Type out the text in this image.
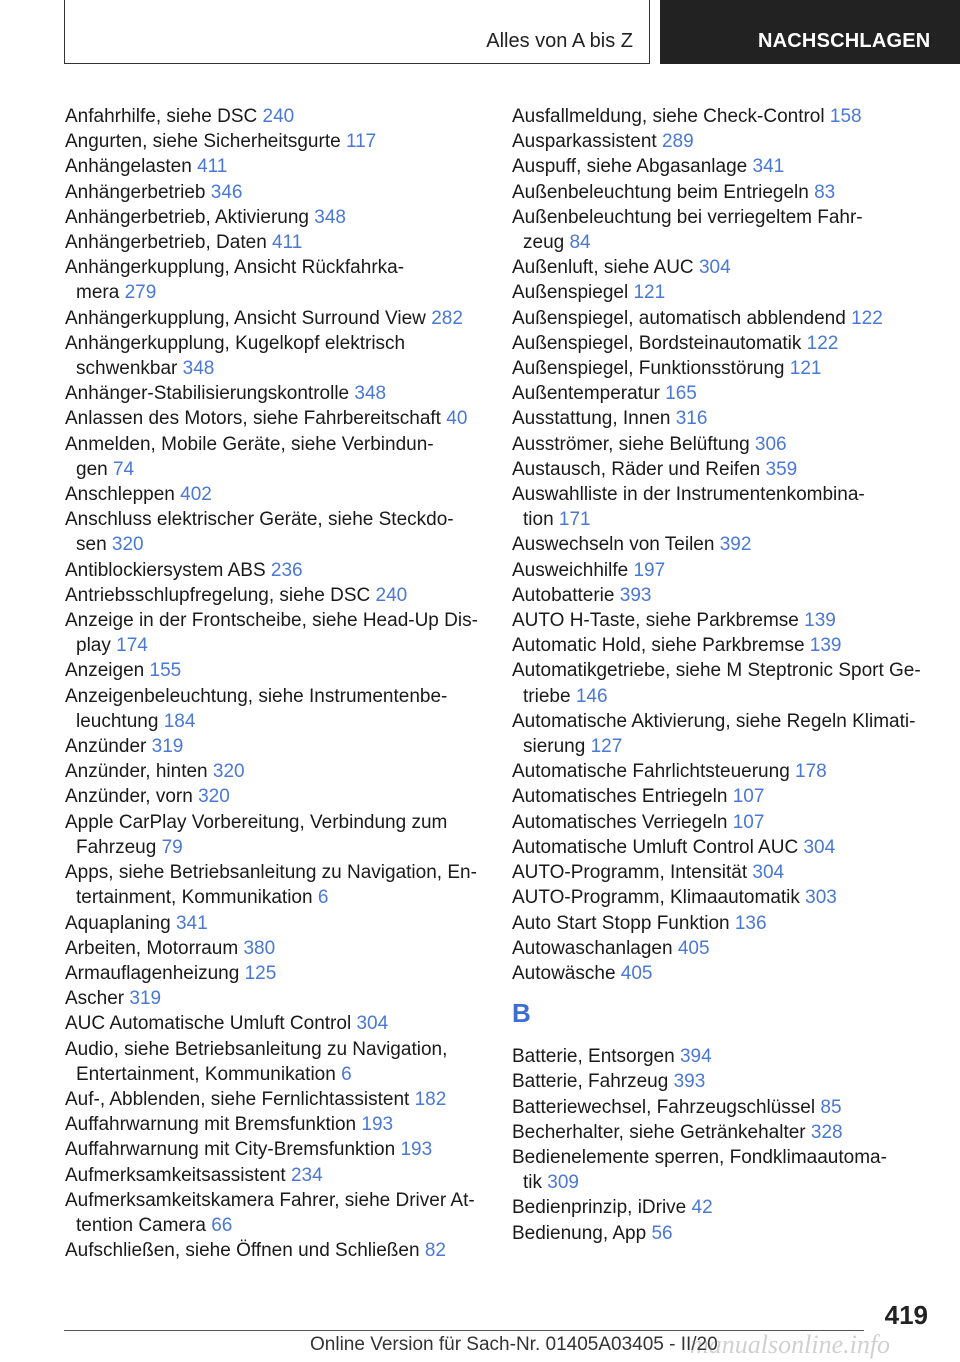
Alles von A bis Z	NACHSCHLAGEN
Anfahrhilfe, siehe DSC 240
Angurten, siehe Sicherheitsgurte 117
Anhängelasten 411
Anhängerbetrieb 346
Anhängerbetrieb, Aktivierung 348
Anhängerbetrieb, Daten 411
Anhängerkupplung, Ansicht Rückfahrka-
mera 279
Anhängerkupplung, Ansicht Surround View 282
Anhängerkupplung, Kugelkopf elektrisch
schwenkbar 348
Anhänger-Stabilisierungskontrolle 348
Anlassen des Motors, siehe Fahrbereitschaft 40
Anmelden, Mobile Geräte, siehe Verbindun-
gen 74
Anschleppen 402
Anschluss elektrischer Geräte, siehe Steckdo-
sen 320
Antiblockiersystem ABS 236
Antriebsschlupfregelung, siehe DSC 240
Anzeige in der Frontscheibe, siehe Head-Up Dis-
play 174
Anzeigen 155
Anzeigenbeleuchtung, siehe Instrumentenbe-
leuchtung 184
Anzünder 319
Anzünder, hinten 320
Anzünder, vorn 320
Apple CarPlay Vorbereitung, Verbindung zum
Fahrzeug 79
Apps, siehe Betriebsanleitung zu Navigation, En-
tertainment, Kommunikation 6
Aquaplaning 341
Arbeiten, Motorraum 380
Armauflagenheizung 125
Ascher 319
AUC Automatische Umluft Control 304
Audio, siehe Betriebsanleitung zu Navigation,
Entertainment, Kommunikation 6
Auf-, Abblenden, siehe Fernlichtassistent 182
Auffahrwarnung mit Bremsfunktion 193
Auffahrwarnung mit City-Bremsfunktion 193
Aufmerksamkeitsassistent 234
Aufmerksamkeitskamera Fahrer, siehe Driver At-
tention Camera 66
Aufschließen, siehe Öffnen und Schließen 82
Ausfallmeldung, siehe Check-Control 158
Ausparkassistent 289
Auspuff, siehe Abgasanlage 341
Außenbeleuchtung beim Entriegeln 83
Außenbeleuchtung bei verriegeltem Fahr-
zeug 84
Außenluft, siehe AUC 304
Außenspiegel 121
Außenspiegel, automatisch abblendend 122
Außenspiegel, Bordsteinautomatik 122
Außenspiegel, Funktionsstörung 121
Außentemperatur 165
Ausstattung, Innen 316
Ausströmer, siehe Belüftung 306
Austausch, Räder und Reifen 359
Auswahlliste in der Instrumentenkombina-
tion 171
Auswechseln von Teilen 392
Ausweichhilfe 197
Autobatterie 393
AUTO H-Taste, siehe Parkbremse 139
Automatic Hold, siehe Parkbremse 139
Automatikgetriebe, siehe M Steptronic Sport Ge-
triebe 146
Automatische Aktivierung, siehe Regeln Klimati-
sierung 127
Automatische Fahrlichtsteuerung 178
Automatisches Entriegeln 107
Automatisches Verriegeln 107
Automatische Umluft Control AUC 304
AUTO-Programm, Intensität 304
AUTO-Programm, Klimaautomatik 303
Auto Start Stopp Funktion 136
Autowaschanlagen 405
Autowäsche 405
B
Batterie, Entsorgen 394
Batterie, Fahrzeug 393
Batteriewechsel, Fahrzeugschlüssel 85
Becherhalter, siehe Getränkehalter 328
Bedienelemente sperren, Fondklimaautoma-
tik 309
Bedienprinzip, iDrive 42
Bedienung, App 56
419
Online Version für Sach-Nr. 01405A03405 - II/20
manualsonline.info
